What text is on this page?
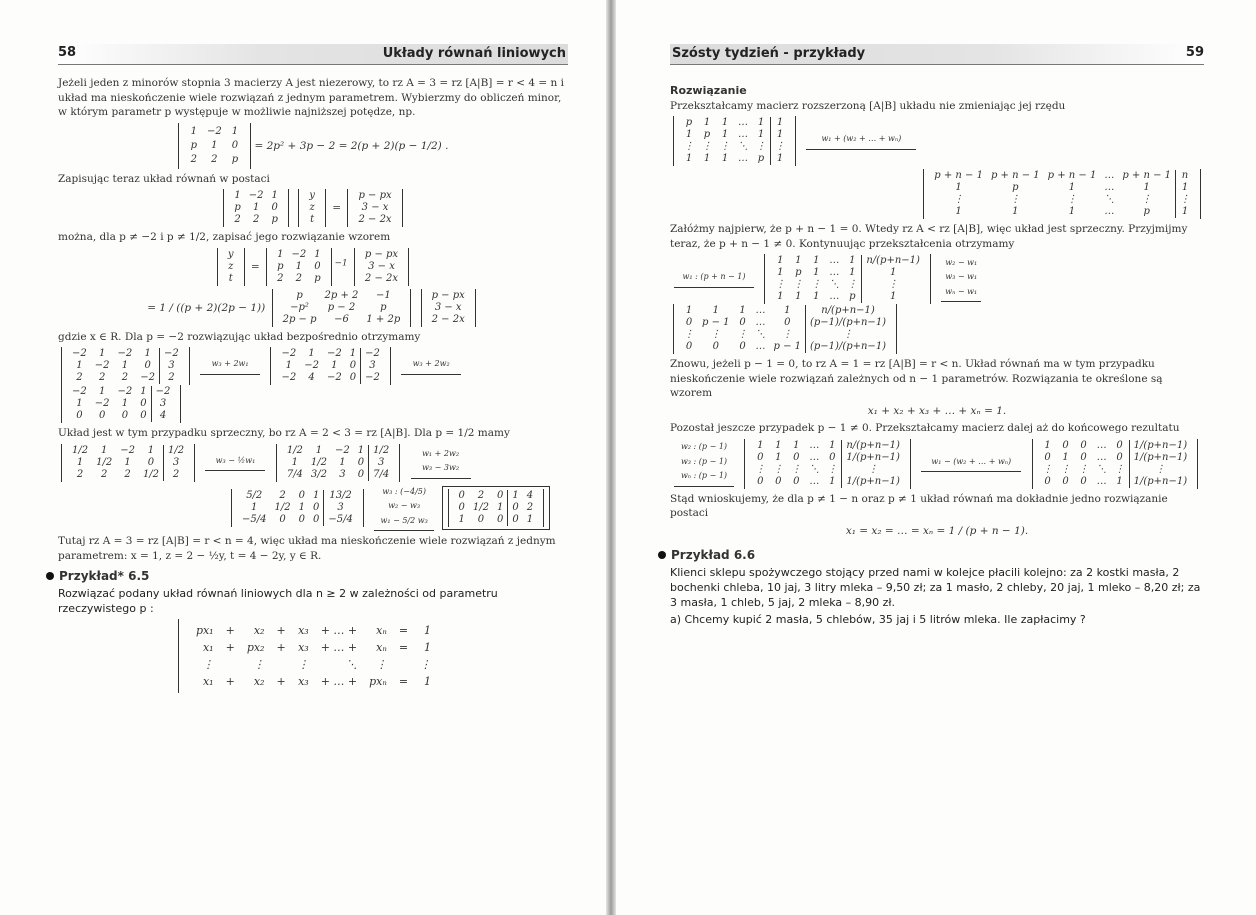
58	Układy równań liniowych

Jeżeli jeden z minorów stopnia 3 macierzy A jest niezerowy, to rz A = 3 = rz [A|B] = r < 4 = n i układ ma nieskończenie wiele rozwiązań z jednym parametrem. Wybierzmy do obliczeń minor, w którym parametr p występuje w możliwie najniższej potędze, np.

1	−2	1
p	1	0
2	2	p
= 2p² + 3p − 2 = 2(p + 2)(p − 1/2) .

Zapisując teraz układ równań w postaci

1	−2	1
p	1	0
2	2	p

y
z
t
=
p − px
3 − x
2 − 2x

można, dla p ≠ −2 i p ≠ 1/2, zapisać jego rozwiązanie wzorem

y
z
t
=
1	−2	1
p	1	0
2	2	p
$^{-1}$
p − px
3 − x
2 − 2x
= 1 / ((p + 2)(2p − 1))
p	2p + 2	−1
−p²	p − 2	p
2p − p	−6	1 + 2p

p − px
3 − x
2 − 2x

gdzie x ∈ R. Dla p = −2 rozwiązując układ bezpośrednio otrzymamy

−2	1	−2	1	−2
1	−2	1	0	3
2	2	2	−2	2
w₃ + 2w₁

−2	1	−2	1	−2
1	−2	1	0	3
−2	4	−2	0	−2
w₃ + 2w₂

−2	1	−2	1	−2
1	−2	1	0	3
0	0	0	0	4

Układ jest w tym przypadku sprzeczny, bo rz A = 2 < 3 = rz [A|B]. Dla p = 1/2 mamy

1/2	1	−2	1	1/2
1	1/2	1	0	3
2	2	2	1/2	2
w₃ − ½w₁

1/2	1	−2	1	1/2
1	1/2	1	0	3
7/4	3/2	3	0	7/4
w₁ + 2w₂
w₃ − 3w₂
5/2	2	0	1	13/2
1	1/2	1	0	3
−5/4	0	0	0	−5/4
w₃ : (−4/5)
w₂ − w₃
w₁ − 5/2 w₃

0	2	0	1	4
0	1/2	1	0	2
1	0	0	0	1

Tutaj rz A = 3 = rz [A|B] = r < n = 4, więc układ ma nieskończenie wiele rozwiązań z jednym parametrem: x = 1, z = 2 − ½y, t = 4 − 2y, y ∈ R.

Przykład* 6.5

Rozwiązać podany układ równań liniowych dla n ≥ 2 w zależności od parametru rzeczywistego p :

px₁	+	x₂	+	x₃	+ … +	xₙ	=	1
x₁	+	px₂	+	x₃	+ … +	xₙ	=	1
⋮		⋮		⋮	⋱	⋮		⋮
x₁	+	x₂	+	x₃	+ … +	pxₙ	=	1
Szósty tydzień - przykłady	59
Rozwiązanie

Przekształcamy macierz rozszerzoną [A|B] układu nie zmieniając jej rzędu

p	1	1	…	1	1
1	p	1	…	1	1
⋮	⋮	⋮	⋱	⋮	⋮
1	1	1	…	p	1
w₁ + (w₂ + … + wₙ)
p + n − 1	p + n − 1	p + n − 1	…	p + n − 1	n
1	p	1	…	1	1
⋮	⋮	⋮	⋱	⋮	⋮
1	1	1	…	p	1

Załóżmy najpierw, że p + n − 1 = 0. Wtedy rz A < rz [A|B], więc układ jest sprzeczny. Przyjmijmy teraz, że p + n − 1 ≠ 0. Kontynuując przekształcenia otrzymamy

w₁ : (p + n − 1)

1	1	1	…	1	n/(p+n−1)
1	p	1	…	1	1
⋮	⋮	⋮	⋱	⋮	⋮
1	1	1	…	p	1
w₂ − w₁
w₃ − w₁
wₙ − w₁

1	1	1	…	1	n/(p+n−1)
0	p − 1	0	…	0	(p−1)/(p+n−1)
⋮	⋮	⋮	⋱	⋮	⋮
0	0	0	…	p − 1	(p−1)/(p+n−1)

Znowu, jeżeli p − 1 = 0, to rz A = 1 = rz [A|B] = r < n. Układ równań ma w tym przypadku nieskończenie wiele rozwiązań zależnych od n − 1 parametrów. Rozwiązania te określone są wzorem

x₁ + x₂ + x₃ + … + xₙ = 1.

Pozostał jeszcze przypadek p − 1 ≠ 0. Przekształcamy macierz dalej aż do końcowego rezultatu

w₂ : (p − 1)
w₃ : (p − 1)
wₙ : (p − 1)

1	1	1	…	1	n/(p+n−1)
0	1	0	…	0	1/(p+n−1)
⋮	⋮	⋮	⋱	⋮	⋮
0	0	0	…	1	1/(p+n−1)
w₁ − (w₂ + … + wₙ)

1	0	0	…	0	1/(p+n−1)
0	1	0	…	0	1/(p+n−1)
⋮	⋮	⋮	⋱	⋮	⋮
0	0	0	…	1	1/(p+n−1)

Stąd wnioskujemy, że dla p ≠ 1 − n oraz p ≠ 1 układ równań ma dokładnie jedno rozwiązanie postaci

x₁ = x₂ = … = xₙ = 1 / (p + n − 1).
Przykład 6.6

Klienci sklepu spożywczego stojący przed nami w kolejce płacili kolejno: za 2 kostki masła, 2 bochenki chleba, 10 jaj, 3 litry mleka – 9,50 zł; za 1 masło, 2 chleby, 20 jaj, 1 mleko – 8,20 zł; za 3 masła, 1 chleb, 5 jaj, 2 mleka – 8,90 zł.

a) Chcemy kupić 2 masła, 5 chlebów, 35 jaj i 5 litrów mleka. Ile zapłacimy ?
